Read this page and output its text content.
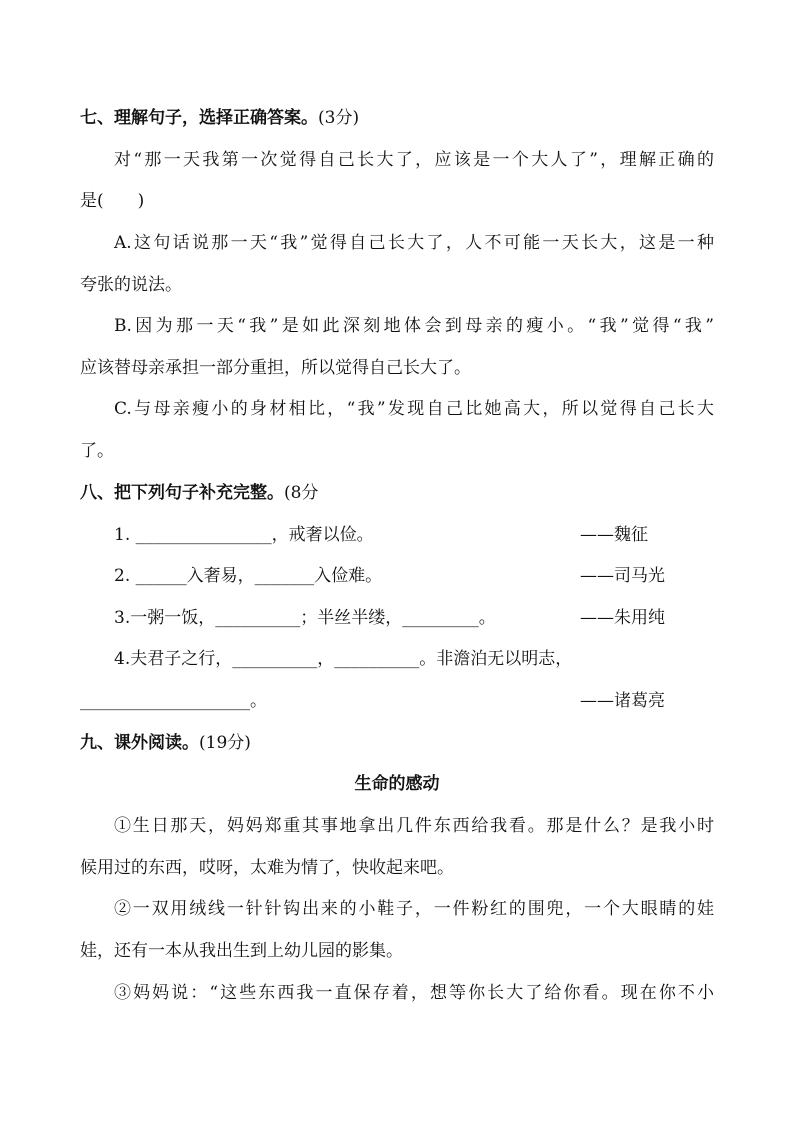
七、理解句子，选择正确答案。(3分)
对“那一天我第一次觉得自己长大了，应该是一个大人了”，理解正确的
是(　　)
A.这句话说那一天“我”觉得自己长大了，人不可能一天长大，这是一种
夸张的说法。
B.因为那一天“我”是如此深刻地体会到母亲的瘦小。“我”觉得“我”
应该替母亲承担一部分重担，所以觉得自己长大了。
C.与母亲瘦小的身材相比，“我”发现自己比她高大，所以觉得自己长大
了。
八、把下列句子补充完整。(8分
1. ________________，戒奢以俭。	——魏征
2. ______入奢易，_______入俭难。	——司马光
3.一粥一饭，__________；半丝半缕，_________。	——朱用纯
4.夫君子之行，__________，__________。非澹泊无以明志，
____________________。	——诸葛亮
九、课外阅读。(19分)
生命的感动
①生日那天，妈妈郑重其事地拿出几件东西给我看。那是什么？是我小时
候用过的东西，哎呀，太难为情了，快收起来吧。
②一双用绒线一针针钩出来的小鞋子，一件粉红的围兜，一个大眼睛的娃
娃，还有一本从我出生到上幼儿园的影集。
③妈妈说：“这些东西我一直保存着，想等你长大了给你看。现在你不小
